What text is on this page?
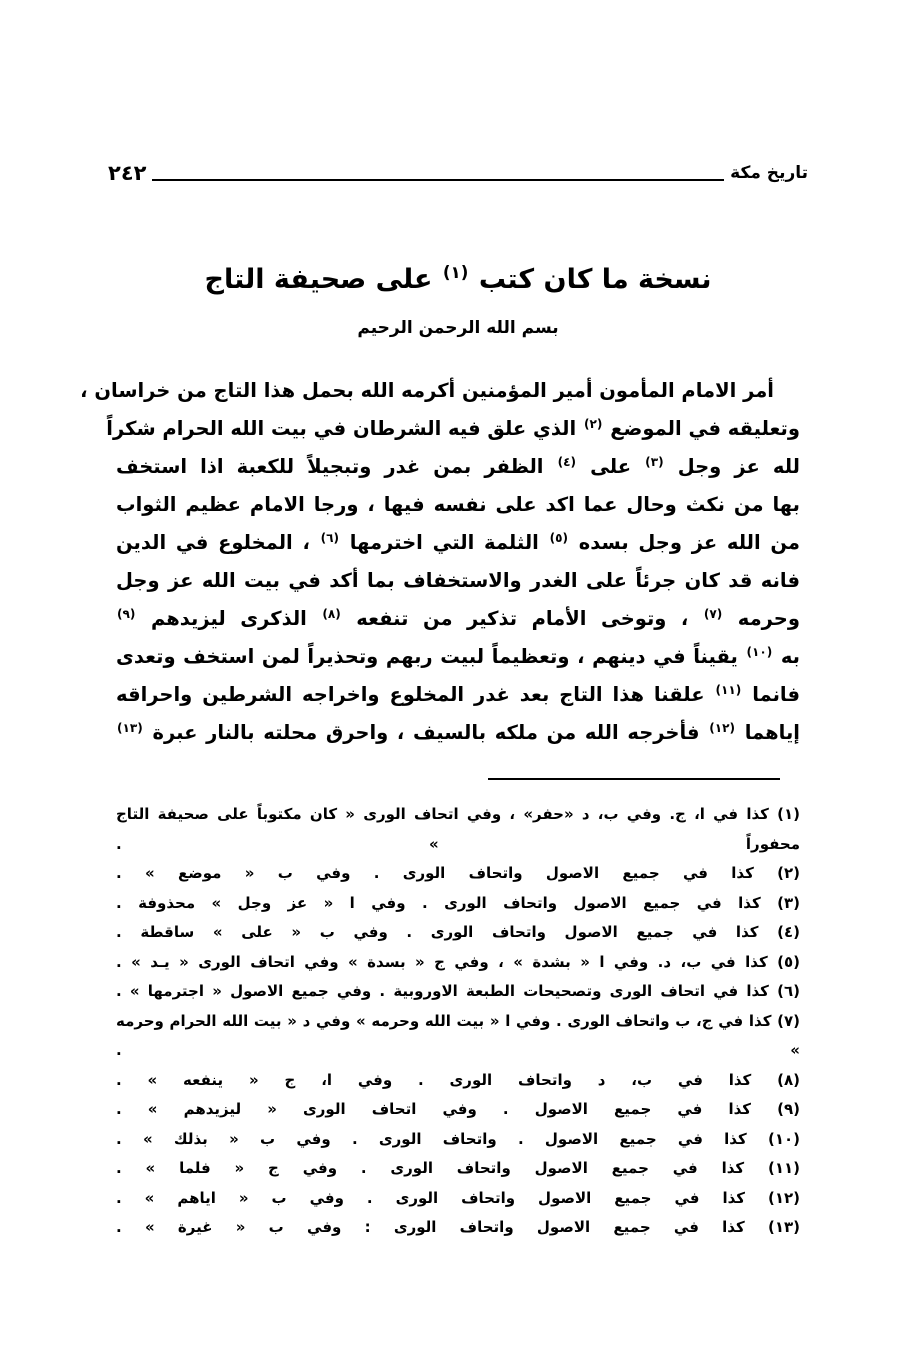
٢٤٢	تاريخ مكة
نسخة ما كان كتب $^{(١)}$ على صحيفة التاج
بسم الله الرحمن الرحيم
أمر الامام المأمون أمير المؤمنين أكرمه الله بحمل هذا التاج من خراسان ،
وتعليقه في الموضع $^{(٢)}$ الذي علق فيه الشرطان في بيت الله الحرام شكراً
لله عز وجل $^{(٣)}$ على $^{(٤)}$ الظفر بمن غدر وتبجيلاً للكعبة اذا استخف
بها من نكث وحال عما اكد على نفسه فيها ، ورجا الامام عظيم الثواب
من الله عز وجل بسده $^{(٥)}$ الثلمة التي اخترمها $^{(٦)}$ ، المخلوع في الدين
فانه قد كان جرئاً على الغدر والاستخفاف بما أكد في بيت الله عز وجل
وحرمه $^{(٧)}$ ، وتوخى الأمام تذكير من تنفعه $^{(٨)}$ الذكرى ليزيدهم $^{(٩)}$
به $^{(١٠)}$ يقيناً في دينهم ، وتعظيماً لبيت ربهم وتحذيراً لمن استخف وتعدى
فانما $^{(١١)}$ علقنا هذا التاج بعد غدر المخلوع واخراجه الشرطين واحراقه
إياهما $^{(١٢)}$ فأخرجه الله من ملكه بالسيف ، واحرق محلته بالنار عبرة $^{(١٣)}$
(١) كذا في ا، ج. وفي ب، د «حفر» ، وفي اتحاف الورى « كان مكتوباً على صحيفة التاج محفوراً » .
(٢) كذا في جميع الاصول واتحاف الورى . وفي ب « موضع » .
(٣) كذا في جميع الاصول واتحاف الورى . وفي ا « عز وجل » محذوفة .
(٤) كذا في جميع الاصول واتحاف الورى . وفي ب « على » ساقطة .
(٥) كذا في ب، د. وفي ا « بشدة » ، وفي ج « بسدة » وفي اتحاف الورى « يـد » .
(٦) كذا في اتحاف الورى وتصحيحات الطبعة الاوروبية . وفي جميع الاصول « اجترمها » .
(٧) كذا في ج، ب واتحاف الورى . وفي ا « بيت الله وحرمه » وفي د « بيت الله الحرام وحرمه » .
(٨) كذا في ب، د واتحاف الورى . وفي ا، ج « ينفعه » .
(٩) كذا في جميع الاصول . وفي اتحاف الورى « ليزيدهم » .
(١٠) كذا في جميع الاصول . واتحاف الورى . وفي ب « بذلك » .
(١١) كذا في جميع الاصول واتحاف الورى . وفي ج « فلما » .
(١٢) كذا في جميع الاصول واتحاف الورى . وفي ب « اياهم » .
(١٣) كذا في جميع الاصول واتحاف الورى : وفي ب « غيرة » .
